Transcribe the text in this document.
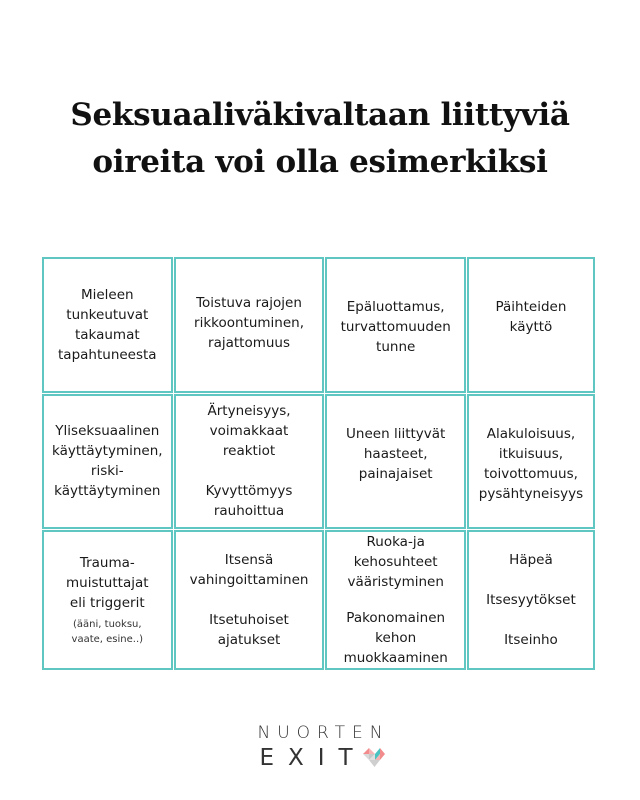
Seksuaaliväkivaltaan liittyviä
oireita voi olla esimerkiksi
Mieleen tunkeutuvat takaumat tapahtuneesta
Toistuva rajojen rikkoontuminen, rajattomuus
Epäluottamus, turvattomuuden tunne
Päihteiden käyttö
Yliseksuaalinen käyttäytyminen, riski-käyttäytyminen
Ärtyneisyys, voimakkaat reaktiot
Kyvyttömyys rauhoittua
Uneen liittyvät haasteet, painajaiset
Alakuloisuus, itkuisuus, toivottomuus, pysähtyneisyys
Trauma-muistuttajat eli triggerit
(ääni, tuoksu, vaate, esine..)
Itsensä vahingoittaminen
Itsetuhoiset ajatukset
Ruoka-ja kehosuhteet vääristyminen
Pakonomainen kehon muokkaaminen
Häpeä
Itsesyytökset
Itseinho
NUORTEN
EXIT
